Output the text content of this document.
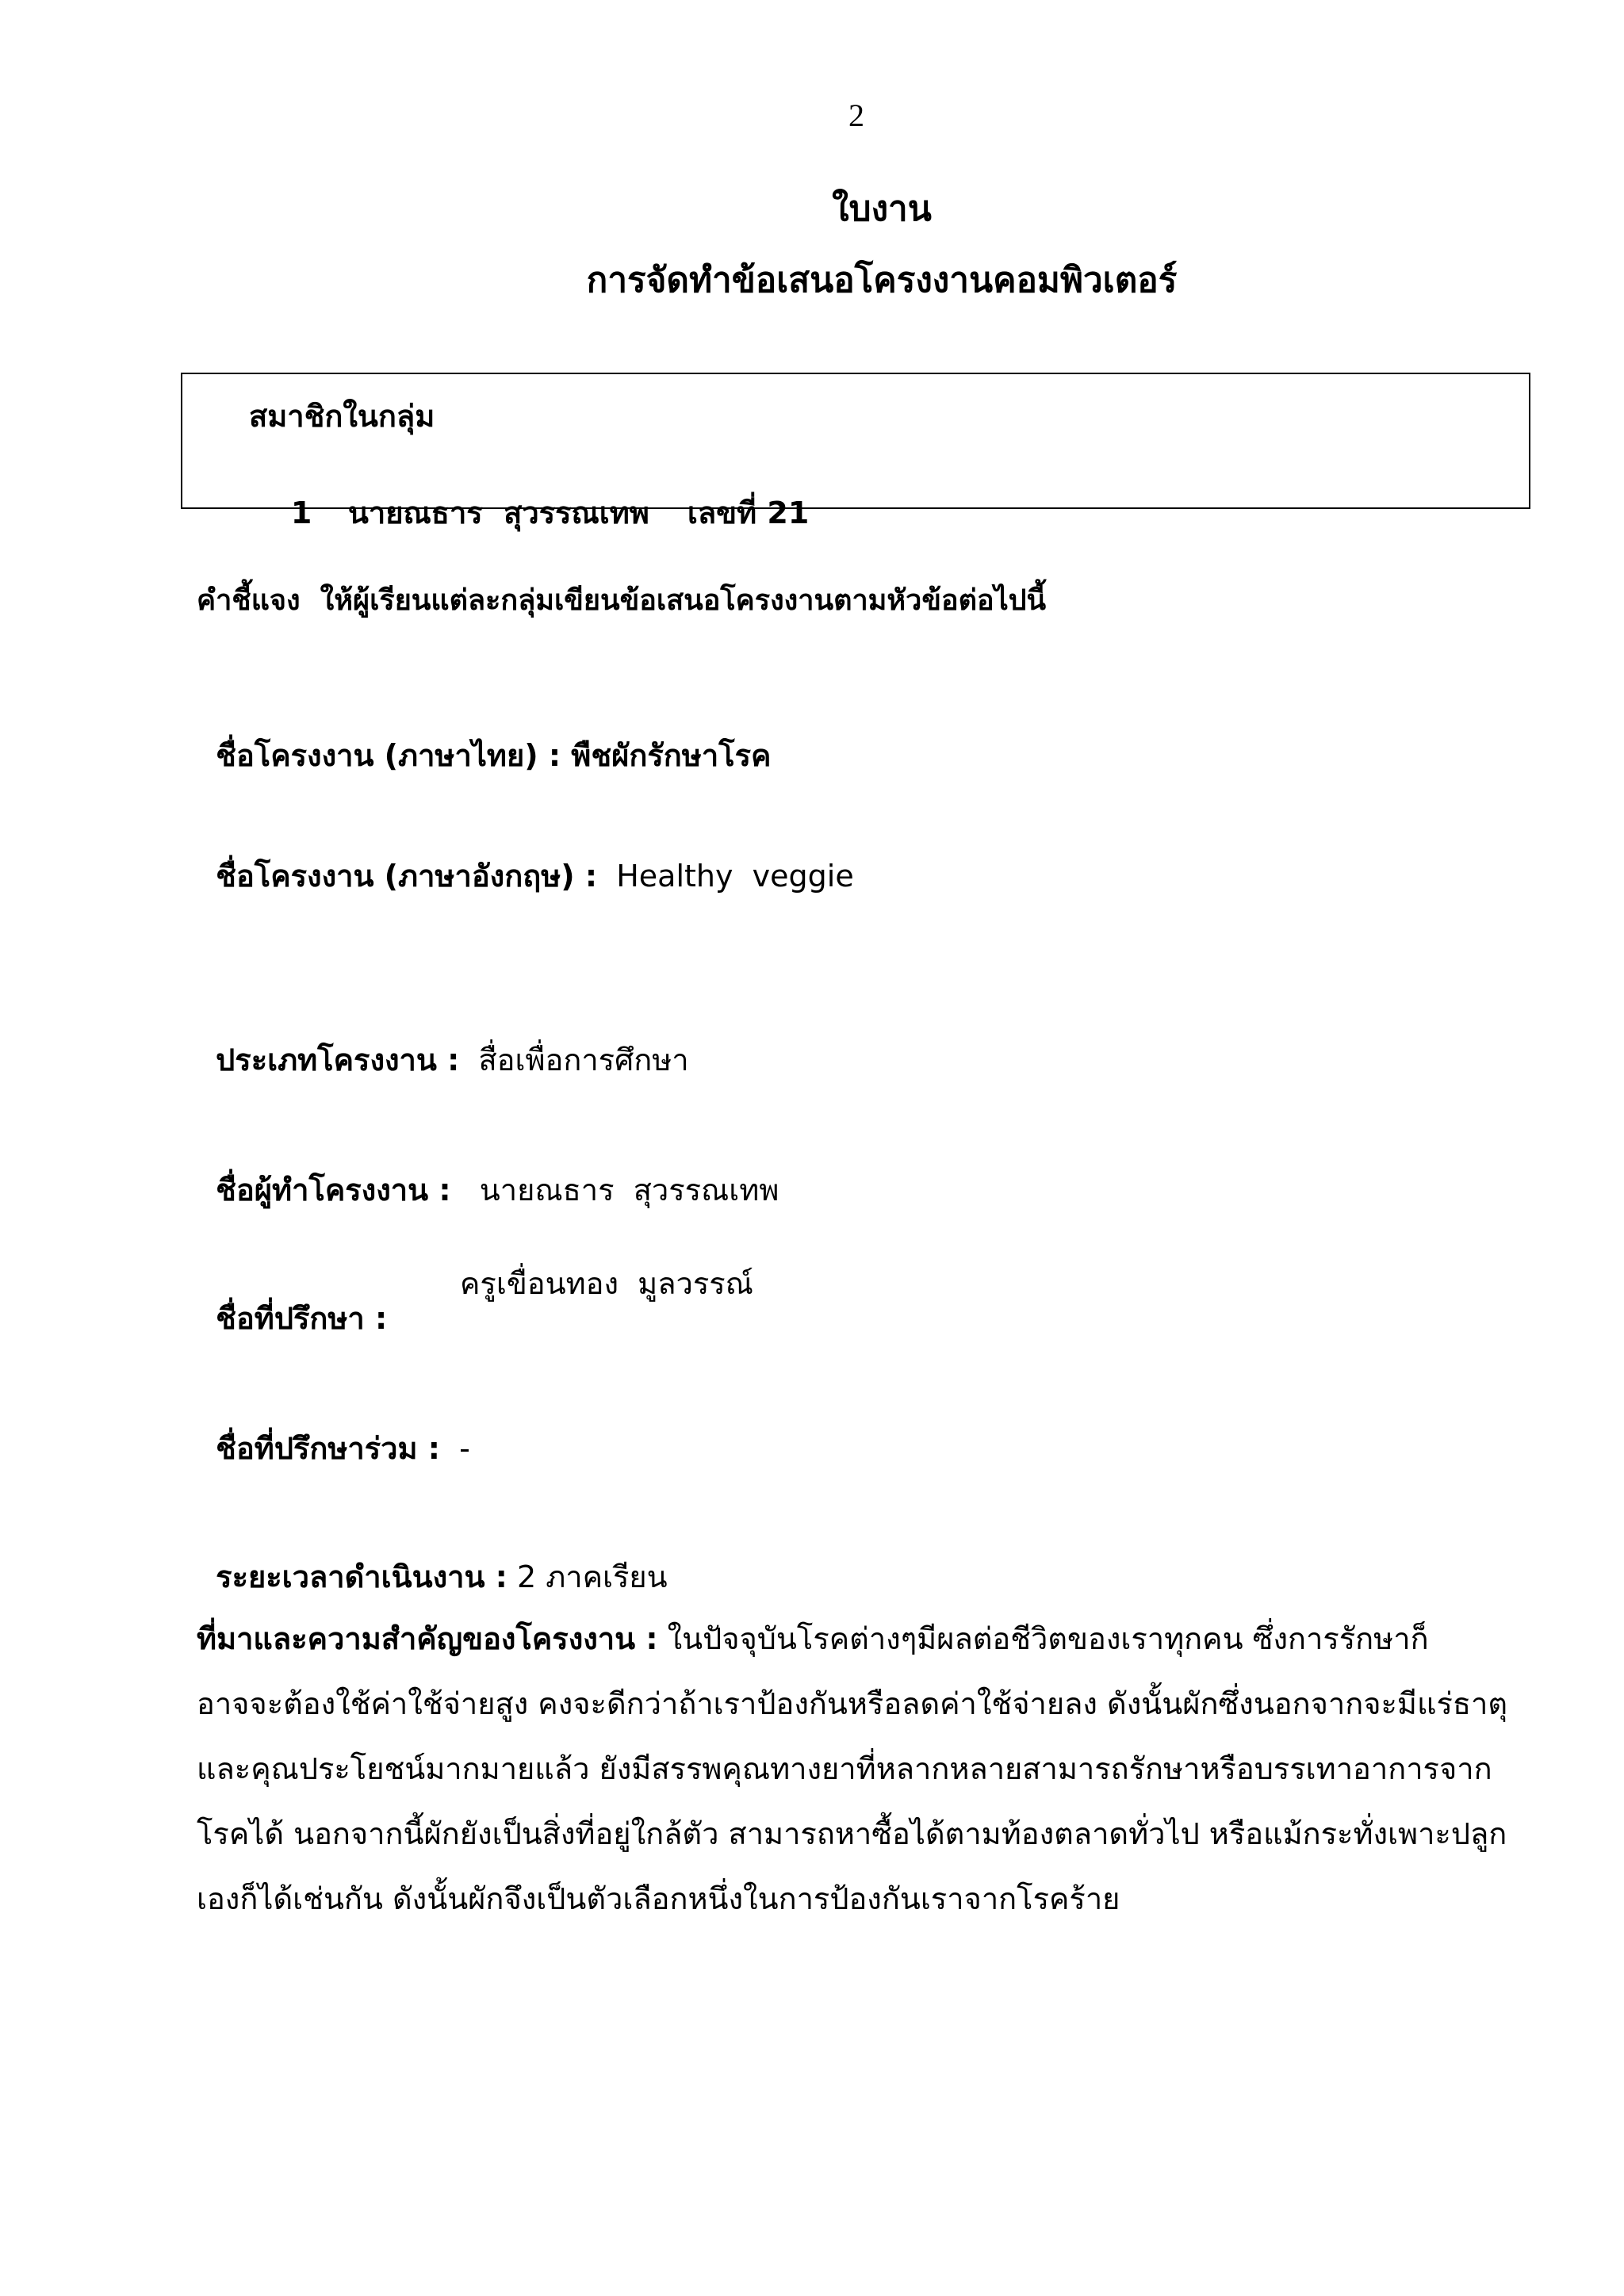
2
ใบงาน
การจัดทำข้อเสนอโครงงานคอมพิวเตอร์
สมาชิกในกลุ่ม

1 นายณธาร  สุวรรณเทพ เลขที่ 21

คำชี้แจง  ให้ผู้เรียนแต่ละกลุ่มเขียนข้อเสนอโครงงานตามหัวข้อต่อไปนี้

ชื่อโครงงาน (ภาษาไทย) : พืชผักรักษาโรค

ชื่อโครงงาน (ภาษาอังกฤษ) :  Healthy  veggie

ประเภทโครงงาน :  สื่อเพื่อการศึกษา

ชื่อผู้ทำโครงงาน :   นายณธาร  สุวรรณเทพ

ชื่อที่ปรึกษา :
ครูเขื่อนทอง  มูลวรรณ์

ชื่อที่ปรึกษาร่วม :  -

ระยะเวลาดำเนินงาน : 2 ภาคเรียน

ที่มาและความสำคัญของโครงงาน : ในปัจจุบันโรคต่างๆมีผลต่อชีวิตของเราทุกคน ซึ่งการรักษาก็
อาจจะต้องใช้ค่าใช้จ่ายสูง คงจะดีกว่าถ้าเราป้องกันหรือลดค่าใช้จ่ายลง ดังนั้นผักซึ่งนอกจากจะมีแร่ธาตุ
และคุณประโยชน์มากมายแล้ว ยังมีสรรพคุณทางยาที่หลากหลายสามารถรักษาหรือบรรเทาอาการจาก
โรคได้ นอกจากนี้ผักยังเป็นสิ่งที่อยู่ใกล้ตัว สามารถหาซื้อได้ตามท้องตลาดทั่วไป หรือแม้กระทั่งเพาะปลูก
เองก็ได้เช่นกัน ดังนั้นผักจึงเป็นตัวเลือกหนึ่งในการป้องกันเราจากโรคร้าย
